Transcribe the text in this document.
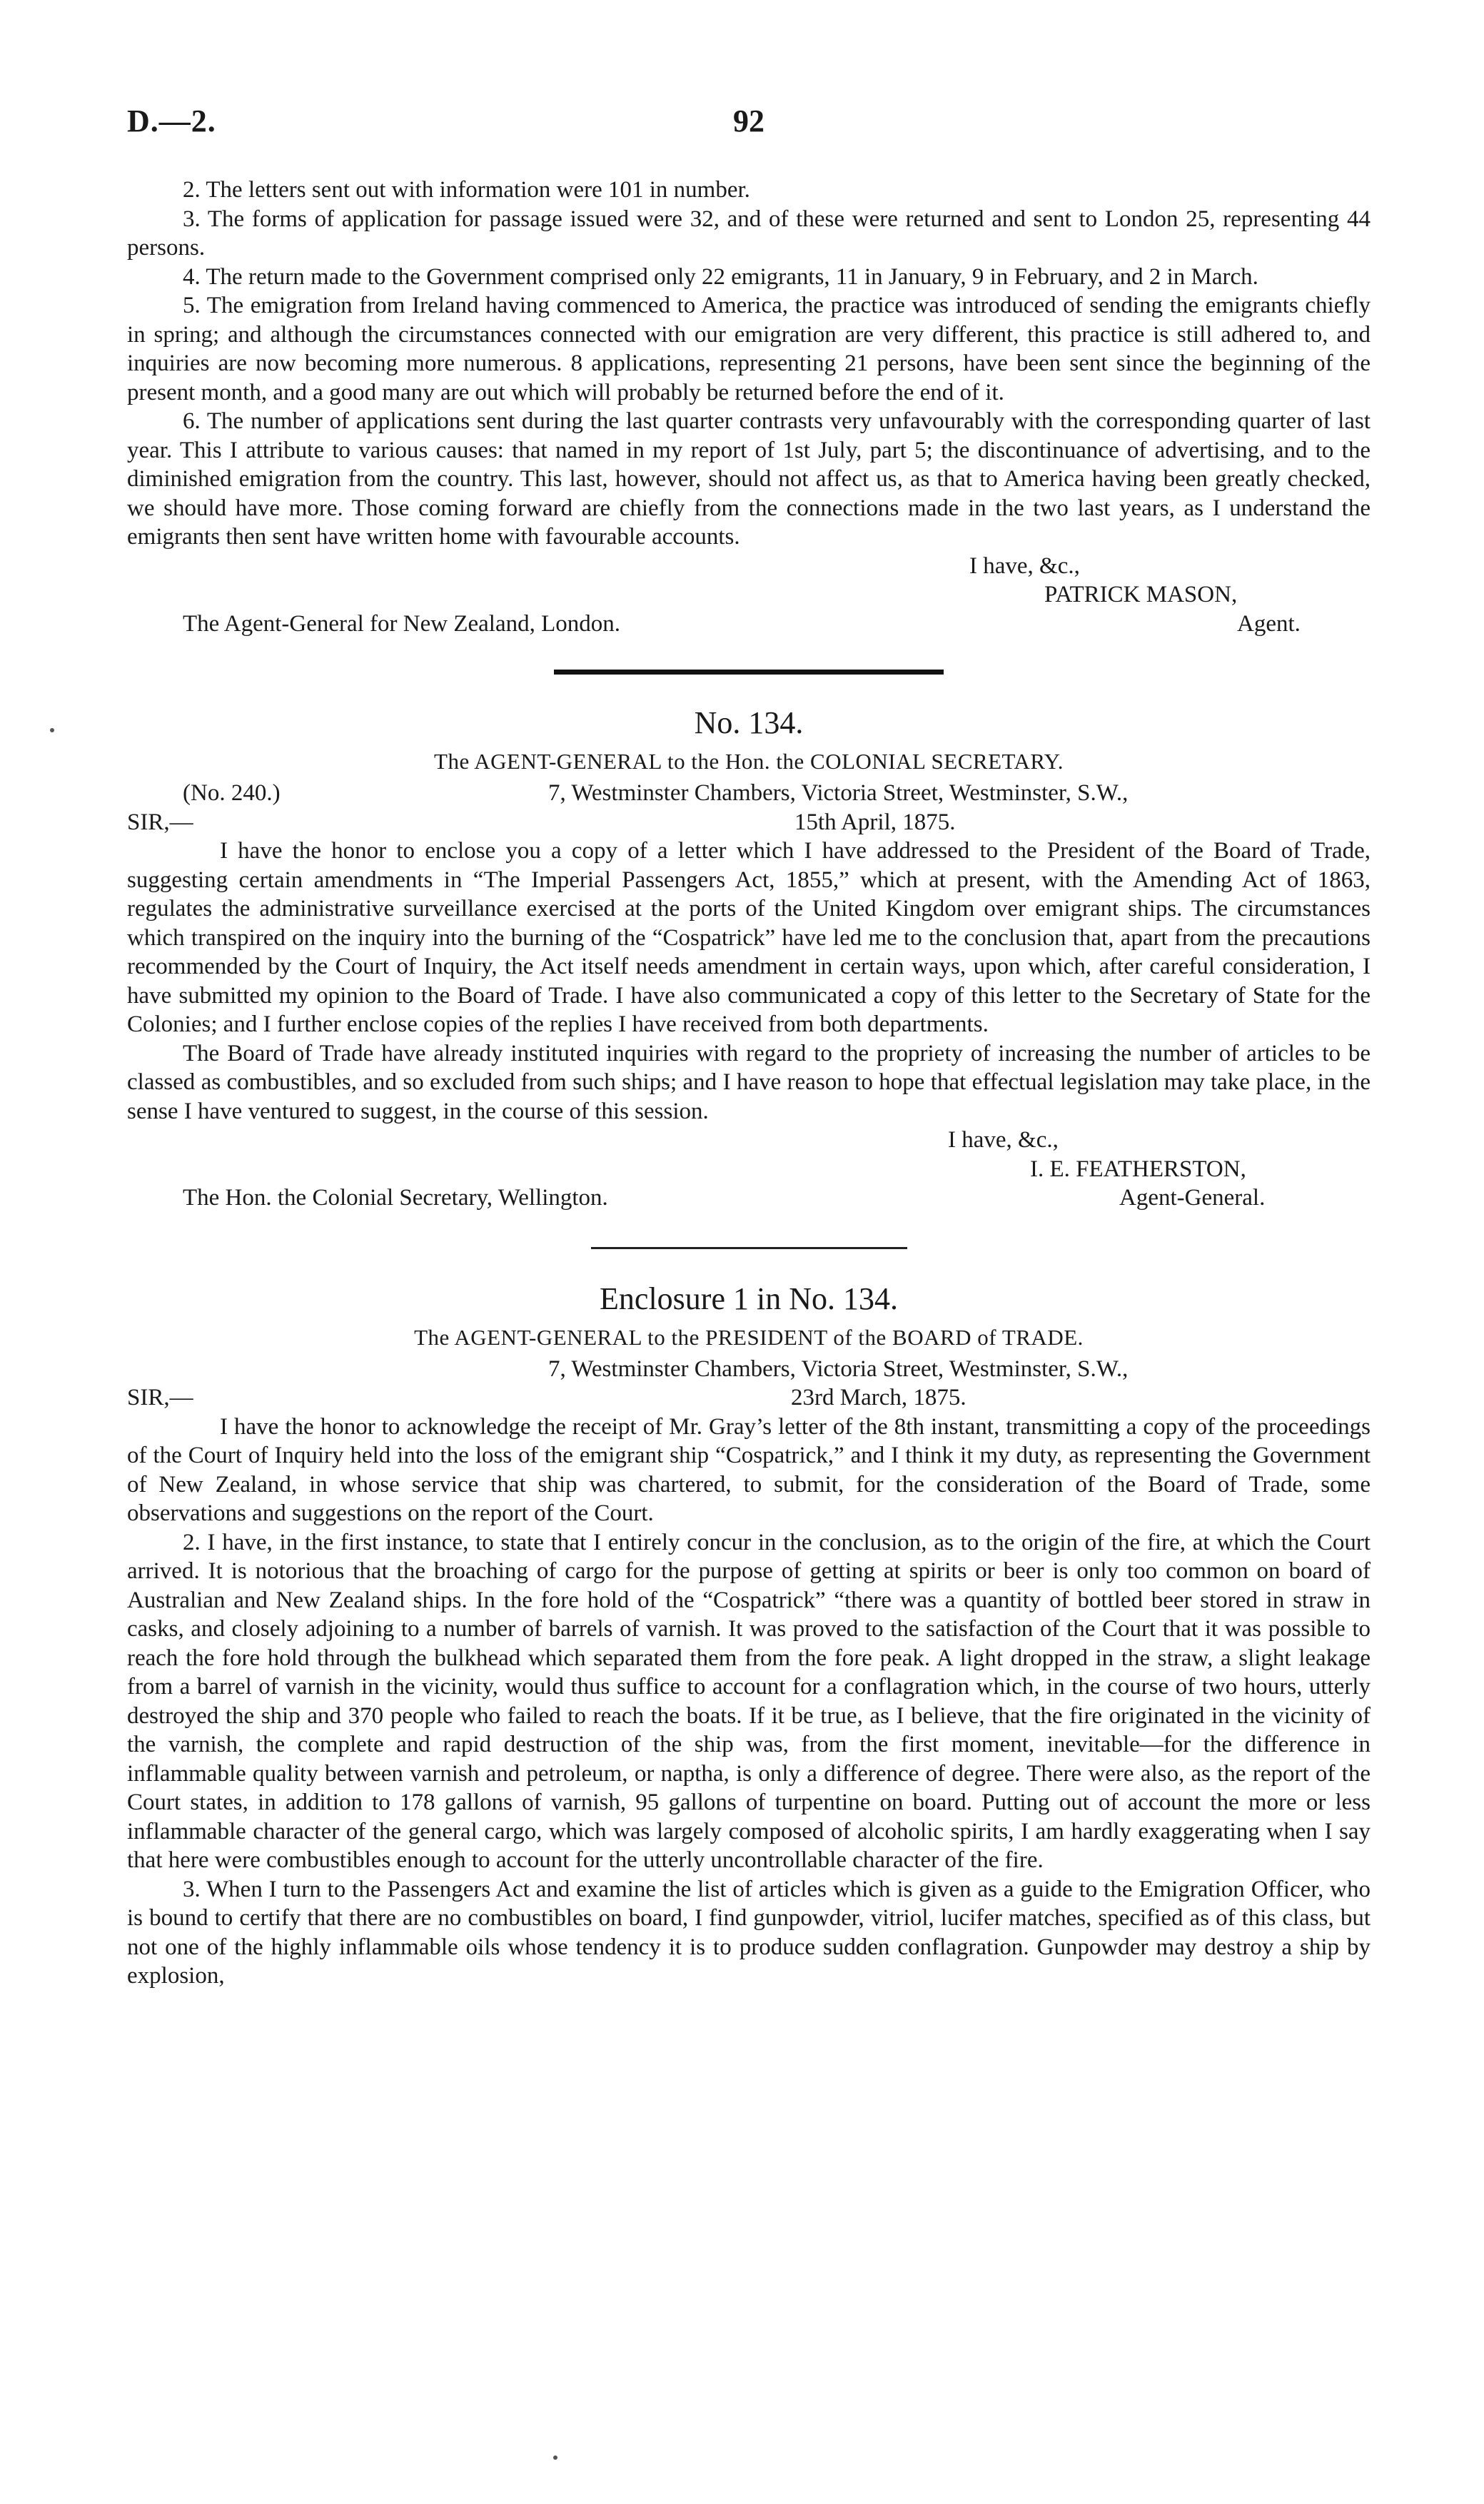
D.—2.	92

2. The letters sent out with information were 101 in number.

3. The forms of application for passage issued were 32, and of these were returned and sent to London 25, representing 44 persons.

4. The return made to the Government comprised only 22 emigrants, 11 in January, 9 in February, and 2 in March.

5. The emigration from Ireland having commenced to America, the practice was introduced of sending the emigrants chiefly in spring; and although the circumstances connected with our emigration are very different, this practice is still adhered to, and inquiries are now becoming more numerous. 8 applications, representing 21 persons, have been sent since the beginning of the present month, and a good many are out which will probably be returned before the end of it.

6. The number of applications sent during the last quarter contrasts very unfavourably with the corresponding quarter of last year. This I attribute to various causes: that named in my report of 1st July, part 5; the discontinuance of advertising, and to the diminished emigration from the country. This last, however, should not affect us, as that to America having been greatly checked, we should have more. Those coming forward are chiefly from the connections made in the two last years, as I understand the emigrants then sent have written home with favourable accounts.

I have, &c.,
PATRICK MASON,
The Agent-General for New Zealand, London.	Agent.
No. 134.
The AGENT-GENERAL to the Hon. the COLONIAL SECRETARY.
(No. 240.)	7, Westminster Chambers, Victoria Street, Westminster, S.W.,
SIR,—	15th April, 1875.

I have the honor to enclose you a copy of a letter which I have addressed to the President of the Board of Trade, suggesting certain amendments in “The Imperial Passengers Act, 1855,” which at present, with the Amending Act of 1863, regulates the administrative surveillance exercised at the ports of the United Kingdom over emigrant ships. The circumstances which transpired on the inquiry into the burning of the “Cospatrick” have led me to the conclusion that, apart from the precautions recommended by the Court of Inquiry, the Act itself needs amendment in certain ways, upon which, after careful consideration, I have submitted my opinion to the Board of Trade. I have also communicated a copy of this letter to the Secretary of State for the Colonies; and I further enclose copies of the replies I have received from both departments.

The Board of Trade have already instituted inquiries with regard to the propriety of increasing the number of articles to be classed as combustibles, and so excluded from such ships; and I have reason to hope that effectual legislation may take place, in the sense I have ventured to suggest, in the course of this session.

I have, &c.,
I. E. FEATHERSTON,
The Hon. the Colonial Secretary, Wellington.	Agent-General.
Enclosure 1 in No. 134.
The AGENT-GENERAL to the PRESIDENT of the BOARD of TRADE.
7, Westminster Chambers, Victoria Street, Westminster, S.W.,
SIR,—	23rd March, 1875.

I have the honor to acknowledge the receipt of Mr. Gray’s letter of the 8th instant, transmitting a copy of the proceedings of the Court of Inquiry held into the loss of the emigrant ship “Cospatrick,” and I think it my duty, as representing the Government of New Zealand, in whose service that ship was chartered, to submit, for the consideration of the Board of Trade, some observations and suggestions on the report of the Court.

2. I have, in the first instance, to state that I entirely concur in the conclusion, as to the origin of the fire, at which the Court arrived. It is notorious that the broaching of cargo for the purpose of getting at spirits or beer is only too common on board of Australian and New Zealand ships. In the fore hold of the “Cospatrick” “there was a quantity of bottled beer stored in straw in casks, and closely adjoining to a number of barrels of varnish. It was proved to the satisfaction of the Court that it was possible to reach the fore hold through the bulkhead which separated them from the fore peak. A light dropped in the straw, a slight leakage from a barrel of varnish in the vicinity, would thus suffice to account for a conflagration which, in the course of two hours, utterly destroyed the ship and 370 people who failed to reach the boats. If it be true, as I believe, that the fire originated in the vicinity of the varnish, the complete and rapid destruction of the ship was, from the first moment, inevitable—for the difference in inflammable quality between varnish and petroleum, or naptha, is only a difference of degree. There were also, as the report of the Court states, in addition to 178 gallons of varnish, 95 gallons of turpentine on board. Putting out of account the more or less inflammable character of the general cargo, which was largely composed of alcoholic spirits, I am hardly exaggerating when I say that here were combustibles enough to account for the utterly uncontrollable character of the fire.

3. When I turn to the Passengers Act and examine the list of articles which is given as a guide to the Emigration Officer, who is bound to certify that there are no combustibles on board, I find gunpowder, vitriol, lucifer matches, specified as of this class, but not one of the highly inflammable oils whose tendency it is to produce sudden conflagration. Gunpowder may destroy a ship by explosion,
